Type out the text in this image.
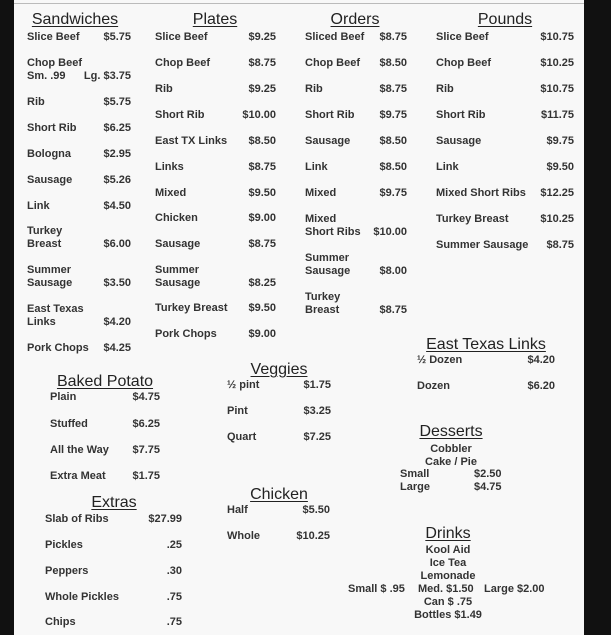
Sandwiches
Slice Beef $5.75
Chop Beef
Sm. .99	Lg. $3.75
Rib	$5.75
Short Rib $6.25
Bologna	$2.95
Sausage	$5.26
Link	$4.50
Turkey
Breast	$6.00
Summer
Sausage	$3.50
East Texas
Links	$4.20
Pork Chops $4.25
Plates
Slice Beef	$9.25
Chop Beef	$8.75
Rib	$9.25
Short Rib	$10.00
East TX Links $8.50
Links	$8.75
Mixed	$9.50
Chicken	$9.00
Sausage	$8.75
Summer
Sausage	$8.25
Turkey Breast $9.50
Pork Chops	$9.00
Orders
Sliced Beef $8.75
Chop Beef $8.50
Rib	$8.75
Short Rib $9.75
Sausage	$8.50
Link	$8.50
Mixed	$9.75
Mixed
Short Ribs $10.00
Summer
Sausage	$8.00
Turkey
Breast	$8.75
Pounds
Slice Beef	$10.75
Chop Beef	$10.25
Rib	$10.75
Short Rib	$11.75
Sausage	$9.75
Link	$9.50
Mixed Short Ribs $12.25
Turkey Breast	$10.25
Summer Sausage $8.75
East Texas Links
½ Dozen	$4.20
Dozen	$6.20
Baked Potato
Plain	$4.75
Stuffed	$6.25
All the Way $7.75
Extra Meat $1.75
Extras
Slab of Ribs	$27.99
Pickles	.25
Peppers	.30
Whole Pickles	.75
Chips	.75
Veggies
½ pint	$1.75
Pint	$3.25
Quart	$7.25
Chicken
Half	$5.50
Whole	$10.25
Desserts
Cobbler
Cake / Pie
Small	$2.50
Large	$4.75
Drinks
Kool Aid
Ice Tea
Lemonade
Small $ .95 Med. $1.50 Large $2.00
Can $ .75
Bottles $1.49
